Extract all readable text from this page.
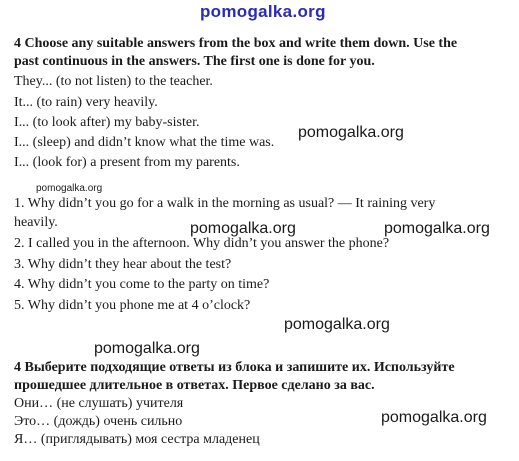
pomogalka.org
4 Choose any suitable answers from the box and write them down. Use the
past continuous in the answers. The first one is done for you.
They... (to not listen) to the teacher.
It... (to rain) very heavily.
I... (to look after) my baby-sister.
I... (sleep) and didn’t know what the time was.
I... (look for) a present from my parents.
pomogalka.org
pomogalka.org
1. Why didn’t you go for a walk in the morning as usual? — It raining very
heavily.
2. I called you in the afternoon. Why didn’t you answer the phone?
3. Why didn’t they hear about the test?
4. Why didn’t you come to the party on time?
5. Why didn’t you phone me at 4 o’clock?
pomogalka.org	pomogalka.org
pomogalka.org
pomogalka.org
4 Выберите подходящие ответы из блока и запишите их. Используйте
прошедшее длительное в ответах. Первое сделано за вас.
Они… (не слушать) учителя
Это… (дождь) очень сильно
Я… (приглядывать) моя сестра младенец
pomogalka.org
